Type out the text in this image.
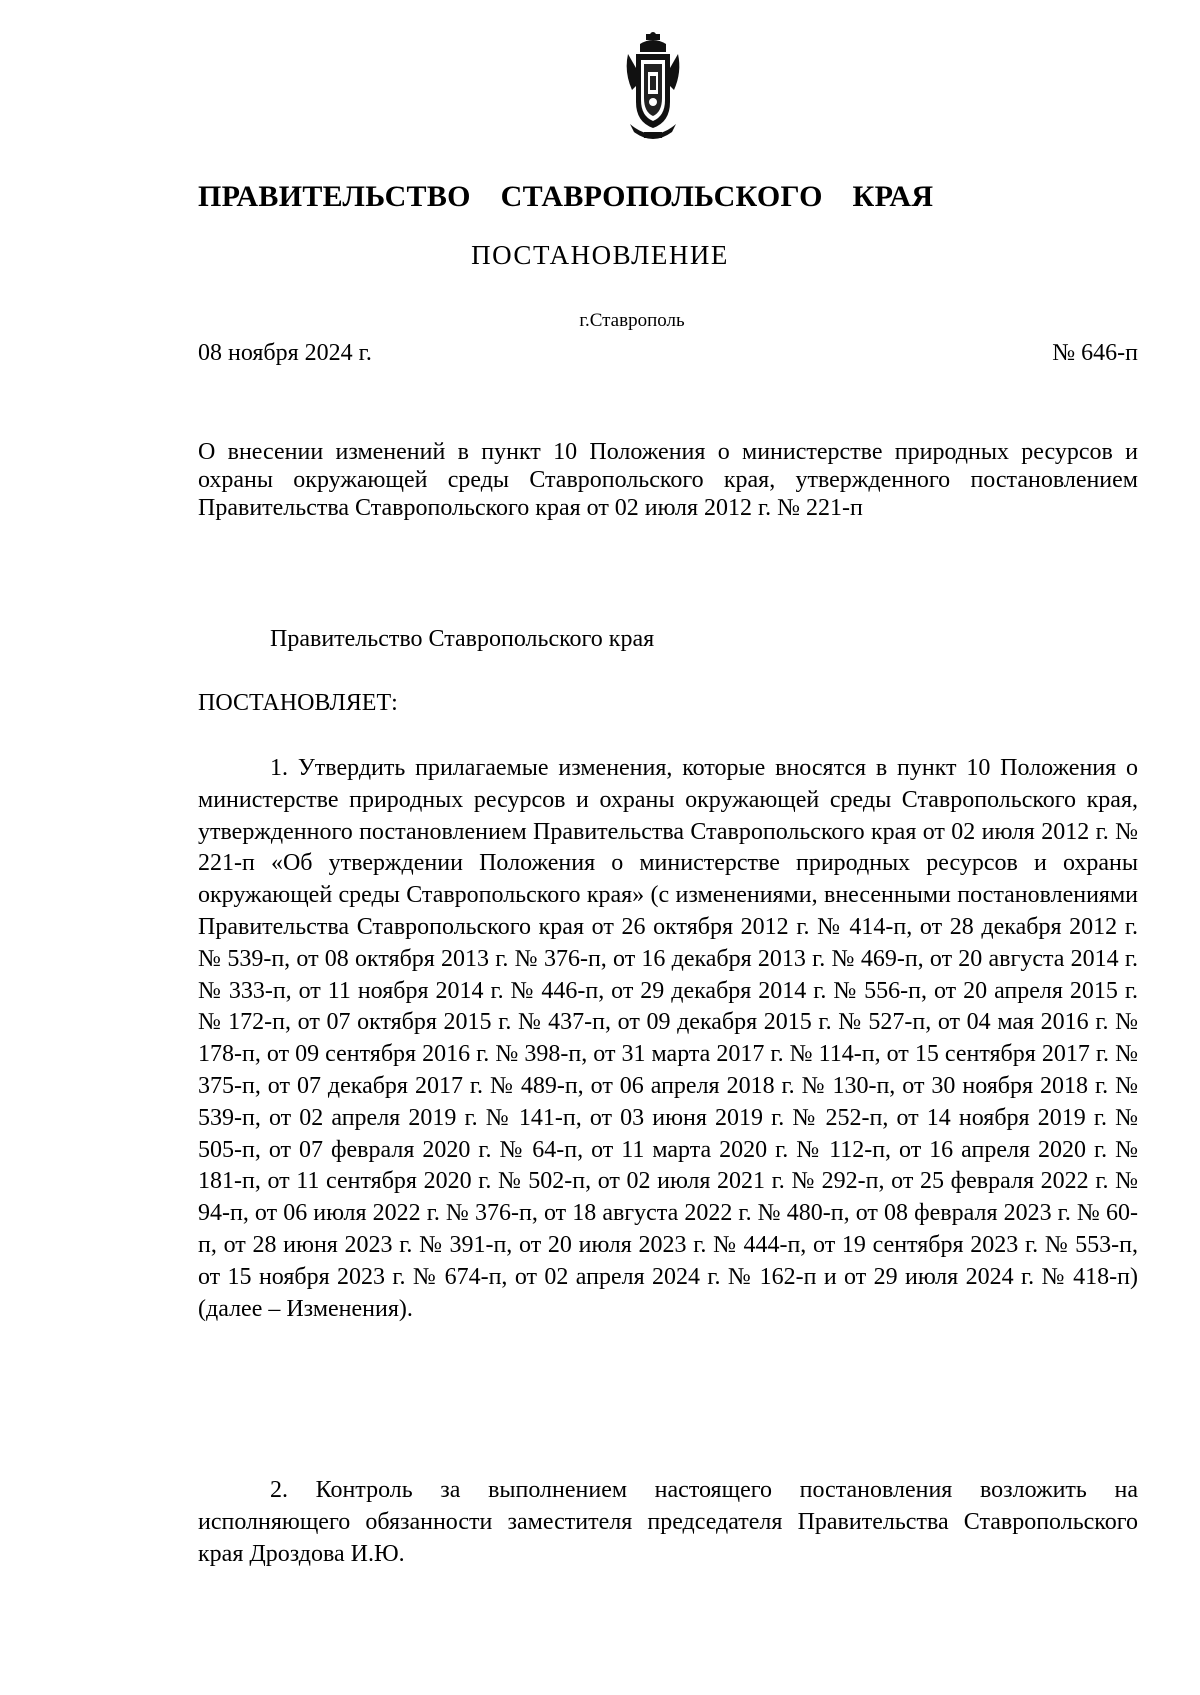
ПРАВИТЕЛЬСТВО СТАВРОПОЛЬСКОГО КРАЯ
ПОСТАНОВЛЕНИЕ
г.Ставрополь
08 ноября 2024 г.	№ 646-п
О внесении изменений в пункт 10 Положения о министерстве природных ресурсов и охраны окружающей среды Ставропольского края, утвержденного постановлением Правительства Ставропольского края от 02 июля 2012 г. № 221-п
Правительство Ставропольского края
ПОСТАНОВЛЯЕТ:

1. Утвердить прилагаемые изменения, которые вносятся в пункт 10 Положения о министерстве природных ресурсов и охраны окружающей среды Ставропольского края, утвержденного постановлением Правительства Ставропольского края от 02 июля 2012 г. № 221-п «Об утверждении Положения о министерстве природных ресурсов и охраны окружающей среды Ставропольского края» (с изменениями, внесенными постановлениями Правительства Ставропольского края от 26 октября 2012 г. № 414-п, от 28 декабря 2012 г. № 539-п, от 08 октября 2013 г. № 376-п, от 16 декабря 2013 г. № 469-п, от 20 августа 2014 г. № 333-п, от 11 ноября 2014 г. № 446-п, от 29 декабря 2014 г. № 556-п, от 20 апреля 2015 г. № 172-п, от 07 октября 2015 г. № 437-п, от 09 декабря 2015 г. № 527-п, от 04 мая 2016 г. № 178-п, от 09 сентября 2016 г. № 398-п, от 31 марта 2017 г. № 114-п, от 15 сентября 2017 г. № 375-п, от 07 декабря 2017 г. № 489-п, от 06 апреля 2018 г. № 130-п, от 30 ноября 2018 г. № 539-п, от 02 апреля 2019 г. № 141-п, от 03 июня 2019 г. № 252-п, от 14 ноября 2019 г. № 505-п, от 07 февраля 2020 г. № 64-п, от 11 марта 2020 г. № 112-п, от 16 апреля 2020 г. № 181-п, от 11 сентября 2020 г. № 502-п, от 02 июля 2021 г. № 292-п, от 25 февраля 2022 г. № 94-п, от 06 июля 2022 г. № 376-п, от 18 августа 2022 г. № 480-п, от 08 февраля 2023 г. № 60-п, от 28 июня 2023 г. № 391-п, от 20 июля 2023 г. № 444-п, от 19 сентября 2023 г. № 553-п, от 15 ноября 2023 г. № 674-п, от 02 апреля 2024 г. № 162-п и от 29 июля 2024 г. № 418-п) (далее – Изменения).

2. Контроль за выполнением настоящего постановления возложить на исполняющего обязанности заместителя председателя Правительства Ставропольского края Дроздова И.Ю.
